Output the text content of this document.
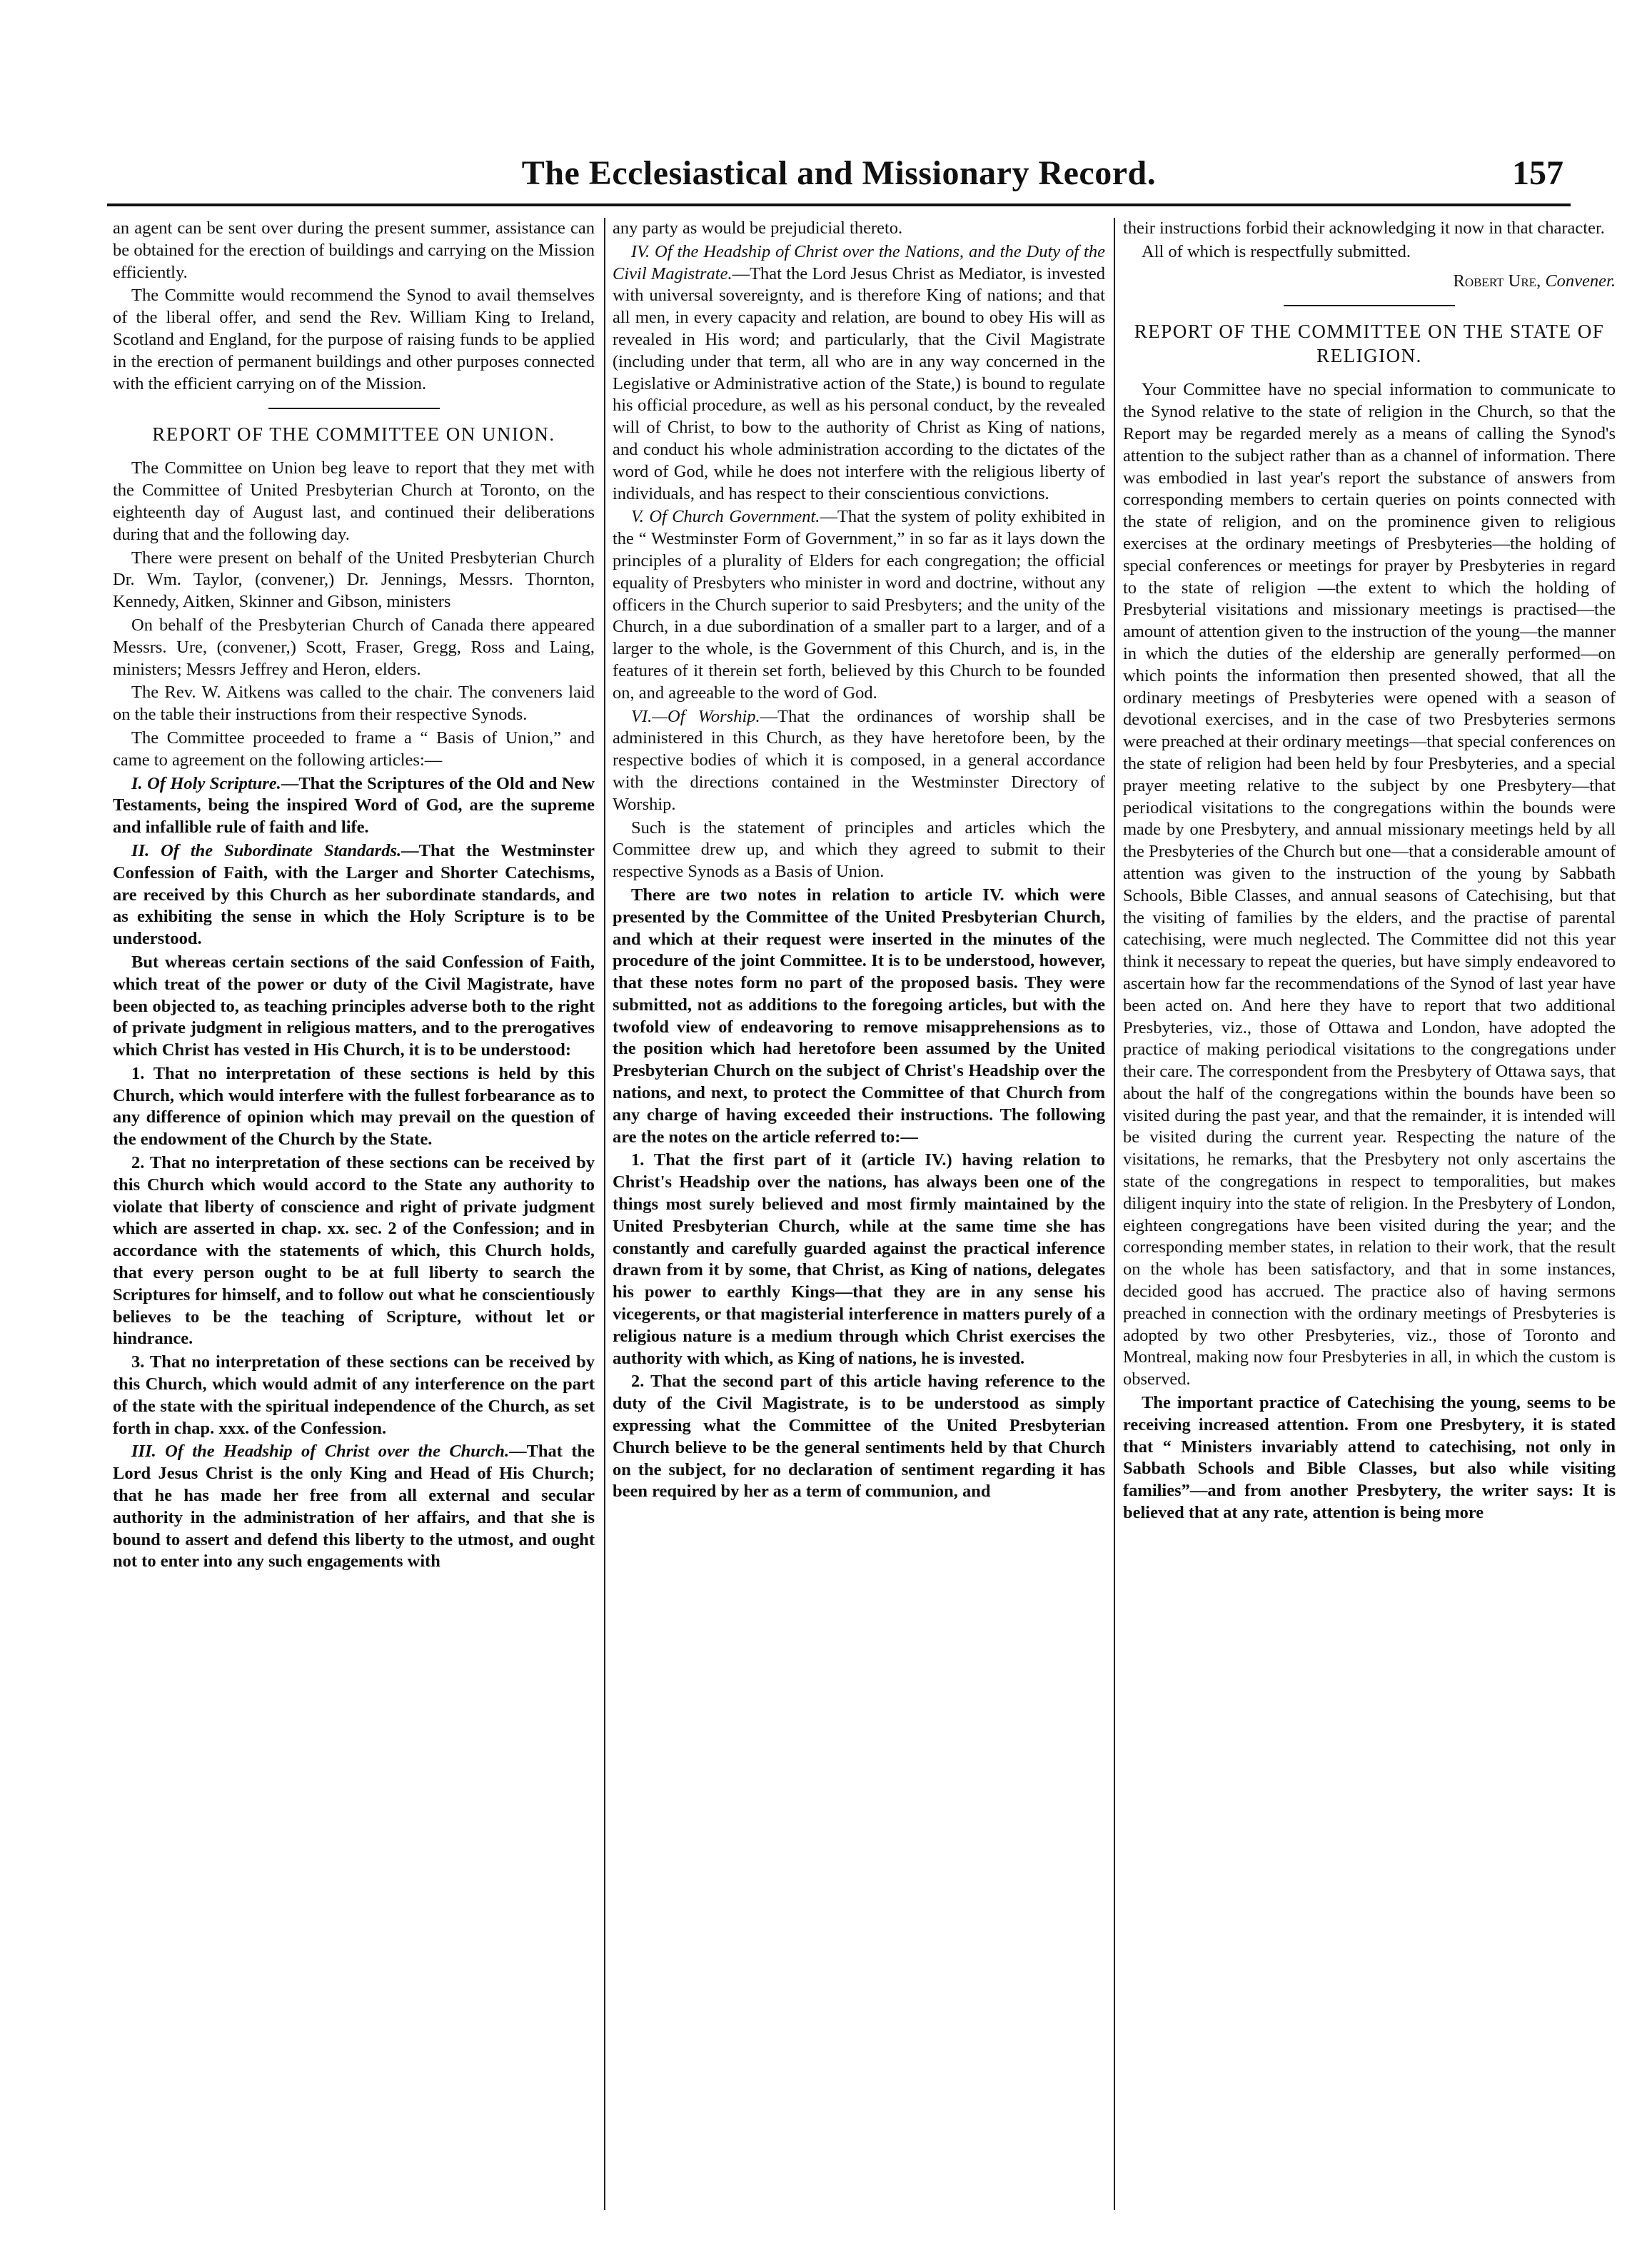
The Ecclesiastical and Missionary Record.	157

an agent can be sent over during the present summer, assistance can be obtained for the erection of buildings and carrying on the Mission efficiently.

The Committe would recommend the Synod to avail themselves of the liberal offer, and send the Rev. William King to Ireland, Scotland and England, for the purpose of raising funds to be applied in the erection of permanent buildings and other purposes connected with the efficient carrying on of the Mission.

REPORT OF THE COMMITTEE ON UNION.

The Committee on Union beg leave to report that they met with the Committee of United Presbyterian Church at Toronto, on the eighteenth day of August last, and continued their deliberations during that and the following day.

There were present on behalf of the United Presbyterian Church Dr. Wm. Taylor, (convener,) Dr. Jennings, Messrs. Thornton, Kennedy, Aitken, Skinner and Gibson, ministers

On behalf of the Presbyterian Church of Canada there appeared Messrs. Ure, (convener,) Scott, Fraser, Gregg, Ross and Laing, ministers; Messrs Jeffrey and Heron, elders.

The Rev. W. Aitkens was called to the chair. The conveners laid on the table their instructions from their respective Synods.

The Committee proceeded to frame a “ Basis of Union,” and came to agreement on the following articles:—

I. Of Holy Scripture.—That the Scriptures of the Old and New Testaments, being the inspired Word of God, are the supreme and infallible rule of faith and life.

II. Of the Subordinate Standards.—That the Westminster Confession of Faith, with the Larger and Shorter Catechisms, are received by this Church as her subordinate standards, and as exhibiting the sense in which the Holy Scripture is to be understood.

But whereas certain sections of the said Confession of Faith, which treat of the power or duty of the Civil Magistrate, have been objected to, as teaching principles adverse both to the right of private judgment in religious matters, and to the prerogatives which Christ has vested in His Church, it is to be understood:

1. That no interpretation of these sections is held by this Church, which would interfere with the fullest forbearance as to any difference of opinion which may prevail on the question of the endowment of the Church by the State.

2. That no interpretation of these sections can be received by this Church which would accord to the State any authority to violate that liberty of conscience and right of private judgment which are asserted in chap. xx. sec. 2 of the Confession; and in accordance with the statements of which, this Church holds, that every person ought to be at full liberty to search the Scriptures for himself, and to follow out what he conscientiously believes to be the teaching of Scripture, without let or hindrance.

3. That no interpretation of these sections can be received by this Church, which would admit of any interference on the part of the state with the spiritual independence of the Church, as set forth in chap. xxx. of the Confession.

III. Of the Headship of Christ over the Church.—That the Lord Jesus Christ is the only King and Head of His Church; that he has made her free from all external and secular authority in the administration of her affairs, and that she is bound to assert and defend this liberty to the utmost, and ought not to enter into any such engagements with

any party as would be prejudicial thereto.

IV. Of the Headship of Christ over the Nations, and the Duty of the Civil Magistrate.—That the Lord Jesus Christ as Mediator, is invested with universal sovereignty, and is therefore King of nations; and that all men, in every capacity and relation, are bound to obey His will as revealed in His word; and particularly, that the Civil Magistrate (including under that term, all who are in any way concerned in the Legislative or Administrative action of the State,) is bound to regulate his official procedure, as well as his personal conduct, by the revealed will of Christ, to bow to the authority of Christ as King of nations, and conduct his whole administration according to the dictates of the word of God, while he does not interfere with the religious liberty of individuals, and has respect to their conscientious convictions.

V. Of Church Government.—That the system of polity exhibited in the “ Westminster Form of Government,” in so far as it lays down the principles of a plurality of Elders for each congregation; the official equality of Presbyters who minister in word and doctrine, without any officers in the Church superior to said Presbyters; and the unity of the Church, in a due subordination of a smaller part to a larger, and of a larger to the whole, is the Government of this Church, and is, in the features of it therein set forth, believed by this Church to be founded on, and agreeable to the word of God.

VI.—Of Worship.—That the ordinances of worship shall be administered in this Church, as they have heretofore been, by the respective bodies of which it is composed, in a general accordance with the directions contained in the Westminster Directory of Worship.

Such is the statement of principles and articles which the Committee drew up, and which they agreed to submit to their respective Synods as a Basis of Union.

There are two notes in relation to article IV. which were presented by the Committee of the United Presbyterian Church, and which at their request were inserted in the minutes of the procedure of the joint Committee. It is to be understood, however, that these notes form no part of the proposed basis. They were submitted, not as additions to the foregoing articles, but with the twofold view of endeavoring to remove misapprehensions as to the position which had heretofore been assumed by the United Presbyterian Church on the subject of Christ's Headship over the nations, and next, to protect the Committee of that Church from any charge of having exceeded their instructions. The following are the notes on the article referred to:—

1. That the first part of it (article IV.) having relation to Christ's Headship over the nations, has always been one of the things most surely believed and most firmly maintained by the United Presbyterian Church, while at the same time she has constantly and carefully guarded against the practical inference drawn from it by some, that Christ, as King of nations, delegates his power to earthly Kings—that they are in any sense his vicegerents, or that magisterial interference in matters purely of a religious nature is a medium through which Christ exercises the authority with which, as King of nations, he is invested.

2. That the second part of this article having reference to the duty of the Civil Magistrate, is to be understood as simply expressing what the Committee of the United Presbyterian Church believe to be the general sentiments held by that Church on the subject, for no declaration of sentiment regarding it has been required by her as a term of communion, and

their instructions forbid their acknowledging it now in that character.

All of which is respectfully submitted.

Robert Ure, Convener.

REPORT OF THE COMMITTEE ON THE STATE OF RELIGION.

Your Committee have no special information to communicate to the Synod relative to the state of religion in the Church, so that the Report may be regarded merely as a means of calling the Synod's attention to the subject rather than as a channel of information. There was embodied in last year's report the substance of answers from corresponding members to certain queries on points connected with the state of religion, and on the prominence given to religious exercises at the ordinary meetings of Presbyteries—the holding of special conferences or meetings for prayer by Presbyteries in regard to the state of religion —the extent to which the holding of Presbyterial visitations and missionary meetings is practised—the amount of attention given to the instruction of the young—the manner in which the duties of the eldership are generally performed—on which points the information then presented showed, that all the ordinary meetings of Presbyteries were opened with a season of devotional exercises, and in the case of two Presbyteries sermons were preached at their ordinary meetings—that special conferences on the state of religion had been held by four Presbyteries, and a special prayer meeting relative to the subject by one Presbytery—that periodical visitations to the congregations within the bounds were made by one Presbytery, and annual missionary meetings held by all the Presbyteries of the Church but one—that a considerable amount of attention was given to the instruction of the young by Sabbath Schools, Bible Classes, and annual seasons of Catechising, but that the visiting of families by the elders, and the practise of parental catechising, were much neglected. The Committee did not this year think it necessary to repeat the queries, but have simply endeavored to ascertain how far the recommendations of the Synod of last year have been acted on. And here they have to report that two additional Presbyteries, viz., those of Ottawa and London, have adopted the practice of making periodical visitations to the congregations under their care. The correspondent from the Presbytery of Ottawa says, that about the half of the congregations within the bounds have been so visited during the past year, and that the remainder, it is intended will be visited during the current year. Respecting the nature of the visitations, he remarks, that the Presbytery not only ascertains the state of the congregations in respect to temporalities, but makes diligent inquiry into the state of religion. In the Presbytery of London, eighteen congregations have been visited during the year; and the corresponding member states, in relation to their work, that the result on the whole has been satisfactory, and that in some instances, decided good has accrued. The practice also of having sermons preached in connection with the ordinary meetings of Presbyteries is adopted by two other Presbyteries, viz., those of Toronto and Montreal, making now four Presbyteries in all, in which the custom is observed.

The important practice of Catechising the young, seems to be receiving increased attention. From one Presbytery, it is stated that “ Ministers invariably attend to catechising, not only in Sabbath Schools and Bible Classes, but also while visiting families”—and from another Presbytery, the writer says: It is believed that at any rate, attention is being more
